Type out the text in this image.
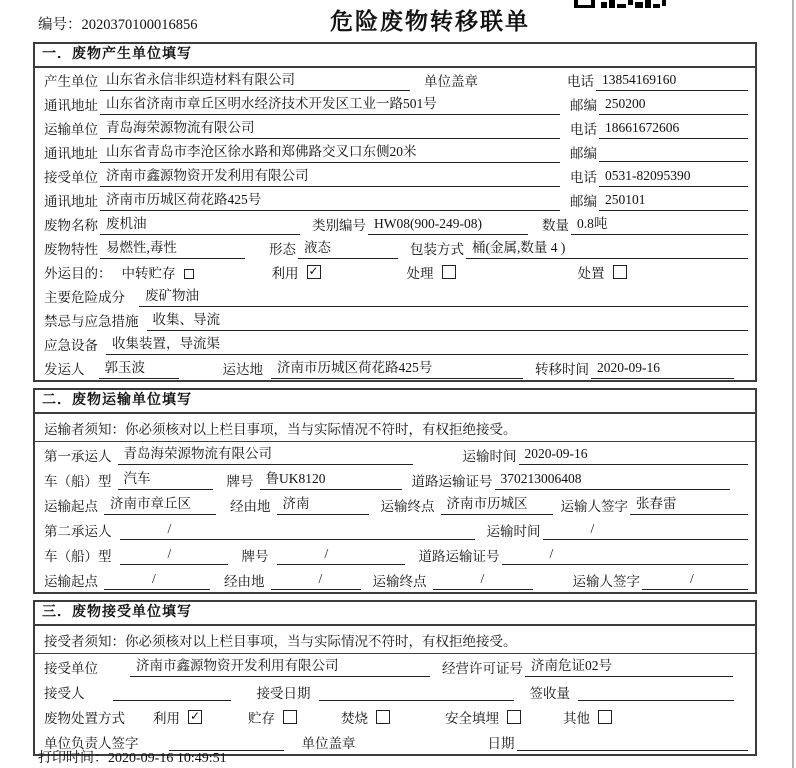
编号：2020370100016856	危险废物转移联单
一．废物产生单位填写
产生单位 山东省永信非织造材料有限公司	单位盖章	电话 13854169160
通讯地址 山东省济南市章丘区明水经济技术开发区工业一路501号	邮编 250200
运输单位 青岛海荣源物流有限公司	电话 18661672606
通讯地址 山东省青岛市李沧区徐水路和郑佛路交叉口东侧20米	邮编
接受单位 济南市鑫源物资开发利用有限公司	电话 0531-82095390
通讯地址 济南市历城区荷花路425号	邮编 250101
废物名称 废机油	类别编号 HW08(900-249-08)	数量 0.8吨
废物特性 易燃性,毒性	形态 液态	包装方式 桶(金属,数量 4 )
外运目的： 中转贮存	利用 ✓	处理	处置
主要危险成分	废矿物油
禁忌与应急措施	收集、导流
应急设备	收集装置，导流渠
发运人	郭玉波	运达地	济南市历城区荷花路425号	转移时间 2020-09-16
二．废物运输单位填写
运输者须知：你必须核对以上栏目事项，当与实际情况不符时，有权拒绝接受。
第一承运人 青岛海荣源物流有限公司	运输时间 2020-09-16
车（船）型 汽车	牌号 鲁UK8120	道路运输证号 370213006408
运输起点 济南市章丘区	经由地 济南	运输终点 济南市历城区	运输人签字 张春雷
第二承运人	/	运输时间	/
车（船）型	/	牌号	/	道路运输证号	/
运输起点	/	经由地	/	运输终点	/	运输人签字	/
三．废物接受单位填写
接受者须知：你必须核对以上栏目事项，当与实际情况不符时，有权拒绝接受。
接受单位	济南市鑫源物资开发利用有限公司	经营许可证号 济南危证02号
接受人	接受日期	签收量
废物处置方式 利用 ✓	贮存	焚烧	安全填埋	其他
单位负责人签字	单位盖章	日期
打印时间：2020-09-16 10:49:51
